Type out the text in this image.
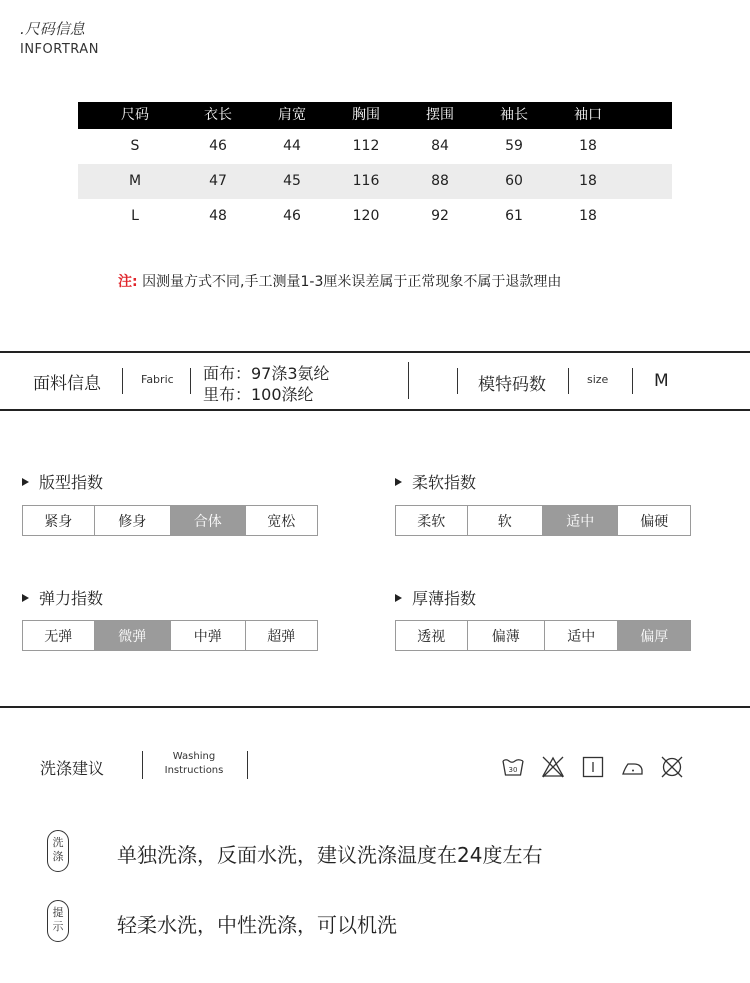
.尺码信息
INFORTRAN
尺码	衣长	肩宽	胸围	摆围	袖长	袖口
S	46	44	112	84	59	18
M	47	45	116	88	60	18
L	48	46	120	92	61	18
注: 因测量方式不同,手工测量1-3厘米误差属于正常现象不属于退款理由
面料信息	Fabric 面布：97涤3氨纶
里布：100涤纶	模特码数	size	M
版型指数
紧身	修身	合体	宽松
柔软指数
柔软	软	适中	偏硬
弹力指数
无弹	微弹	中弹	超弹
厚薄指数
透视	偏薄	适中	偏厚
洗涤建议
Washing
Instructions	30
洗
涤	单独洗涤，反面水洗，建议洗涤温度在24度左右
提
示	轻柔水洗，中性洗涤，可以机洗
